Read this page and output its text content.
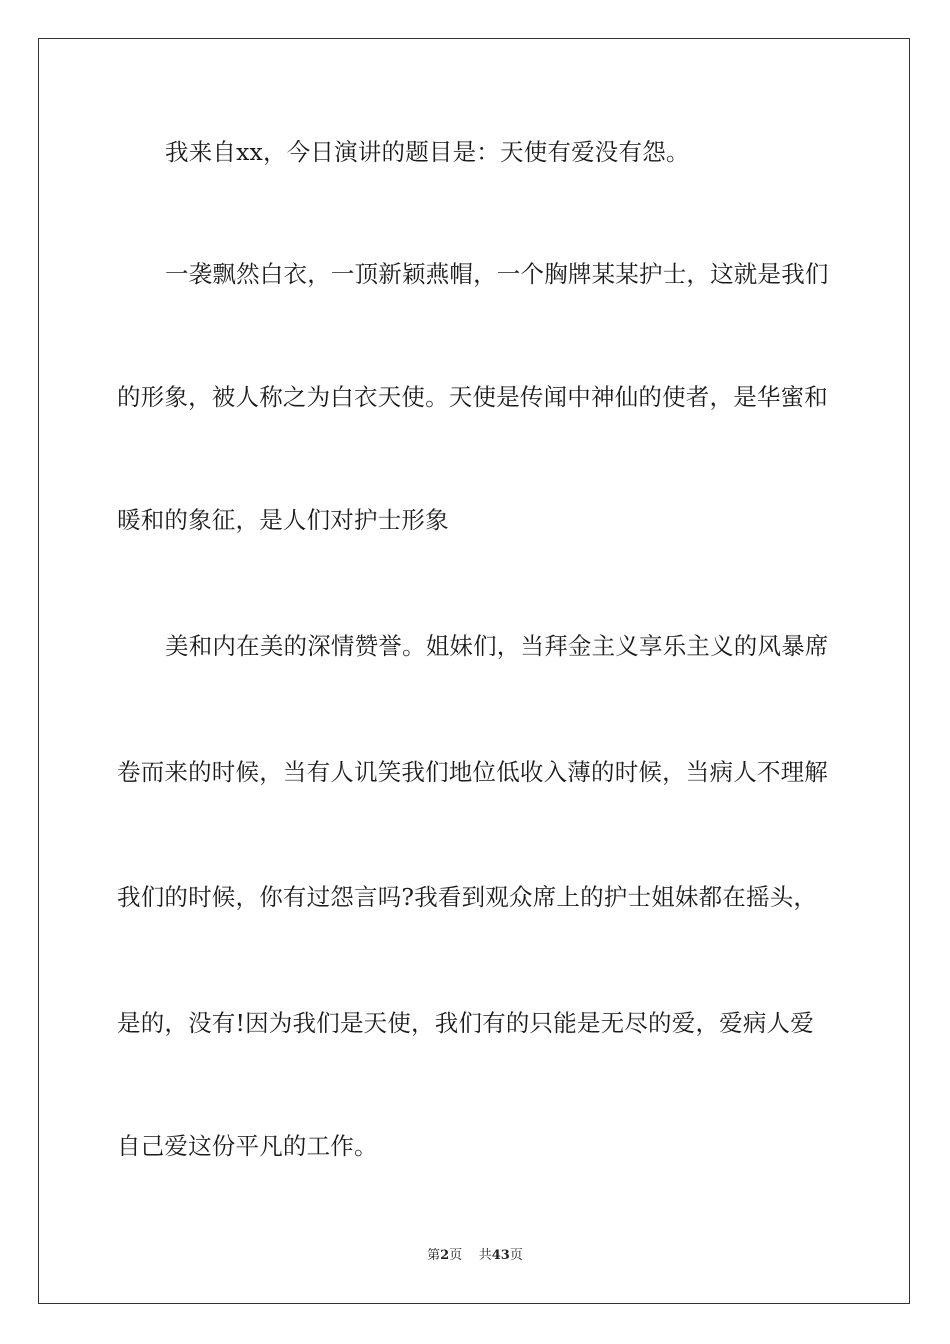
我来自xx，今日演讲的题目是：天使有爱没有怨。
一袭飘然白衣，一顶新颖燕帽，一个胸牌某某护士，这就是我们
的形象，被人称之为白衣天使。天使是传闻中神仙的使者，是华蜜和
暖和的象征，是人们对护士形象
美和内在美的深情赞誉。姐妹们，当拜金主义享乐主义的风暴席
卷而来的时候，当有人讥笑我们地位低收入薄的时候，当病人不理解
我们的时候，你有过怨言吗?我看到观众席上的护士姐妹都在摇头，
是的，没有!因为我们是天使，我们有的只能是无尽的爱，爱病人爱
自己爱这份平凡的工作。
第2页 共43页
